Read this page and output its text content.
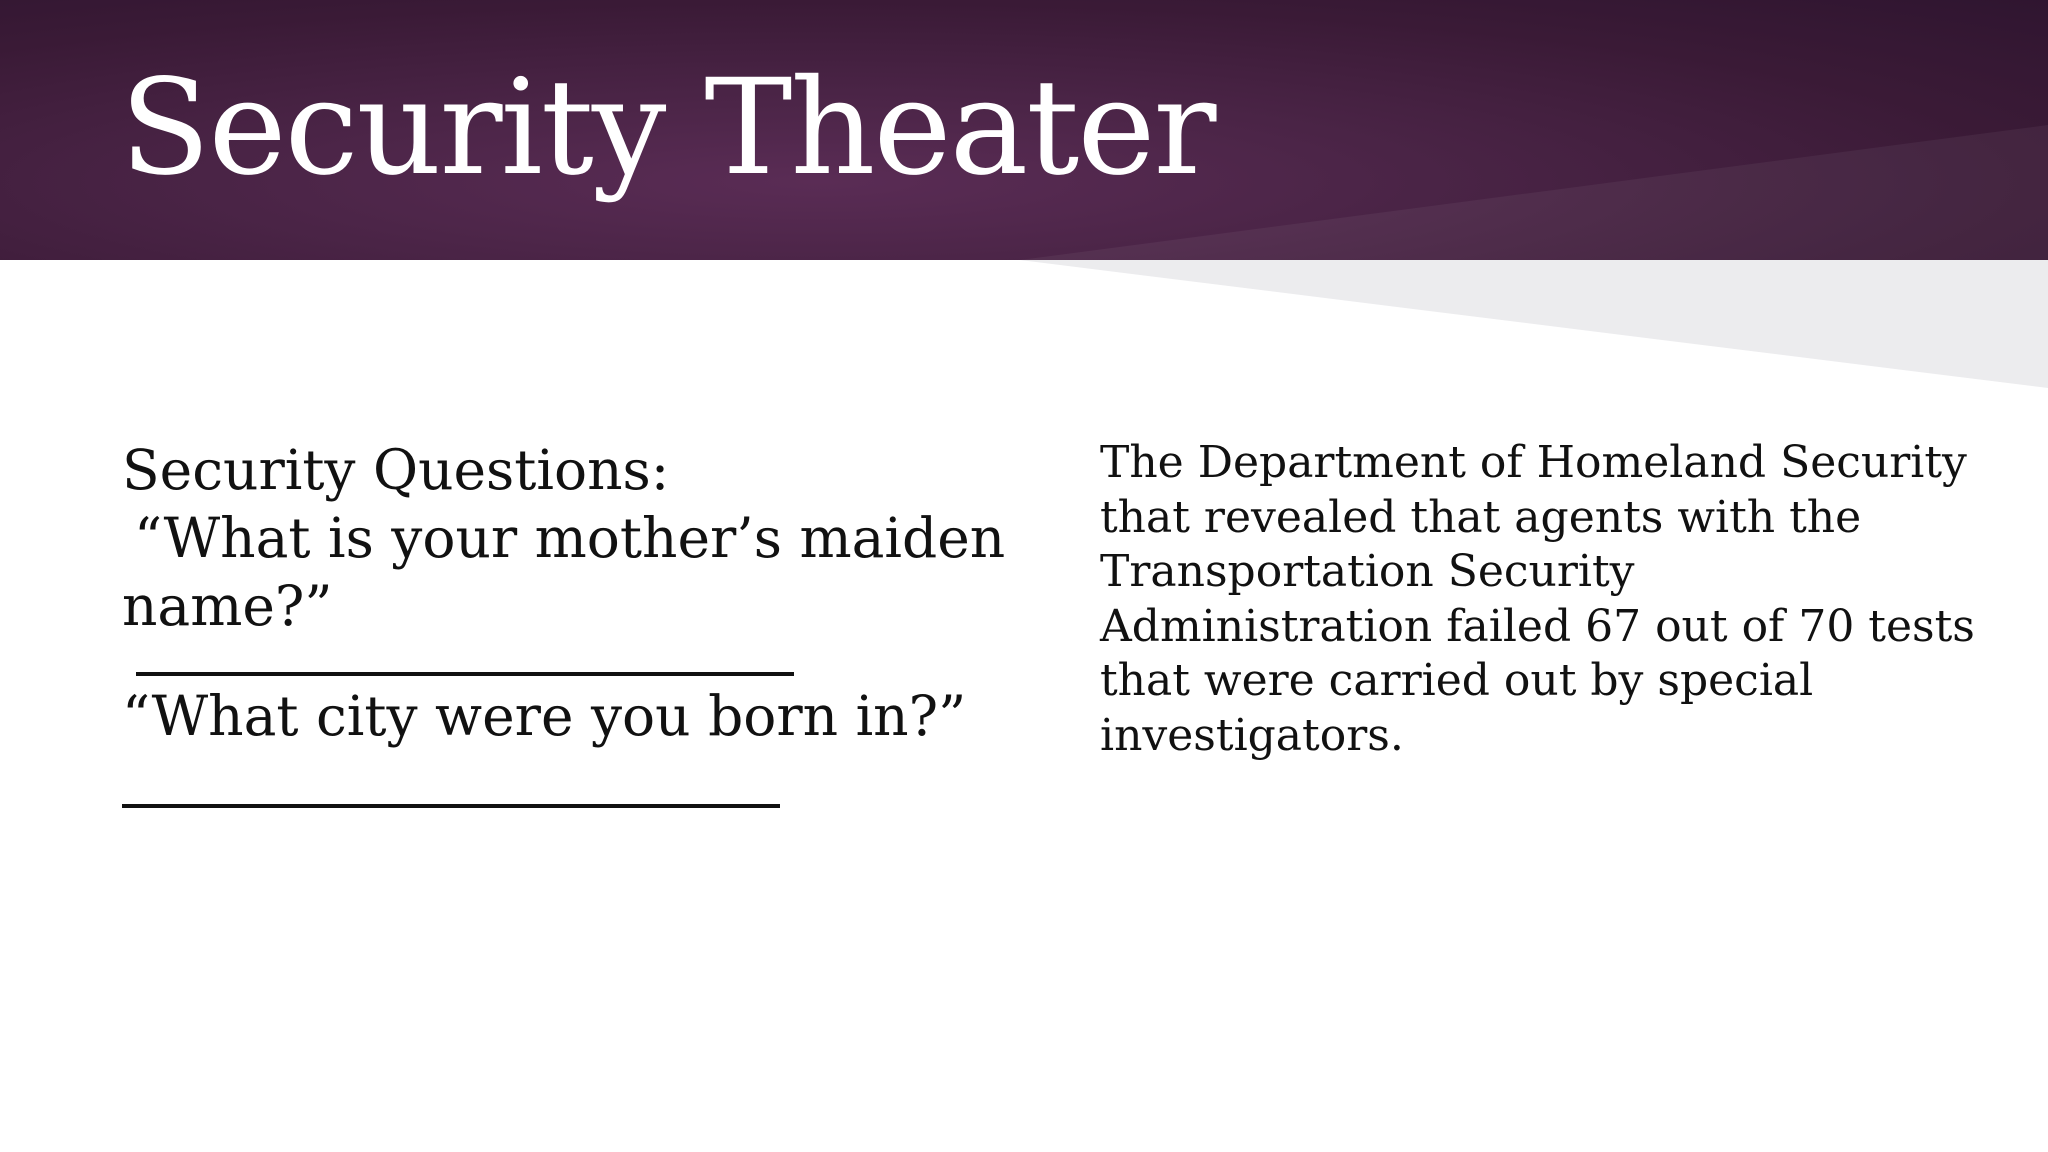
Security Theater

Security Questions:

“What is your mother’s maiden

name?”

“What city were you born in?”

The Department of Homeland Security that revealed that agents with the Transportation Security Administration failed 67 out of 70 tests that were carried out by special investigators.
